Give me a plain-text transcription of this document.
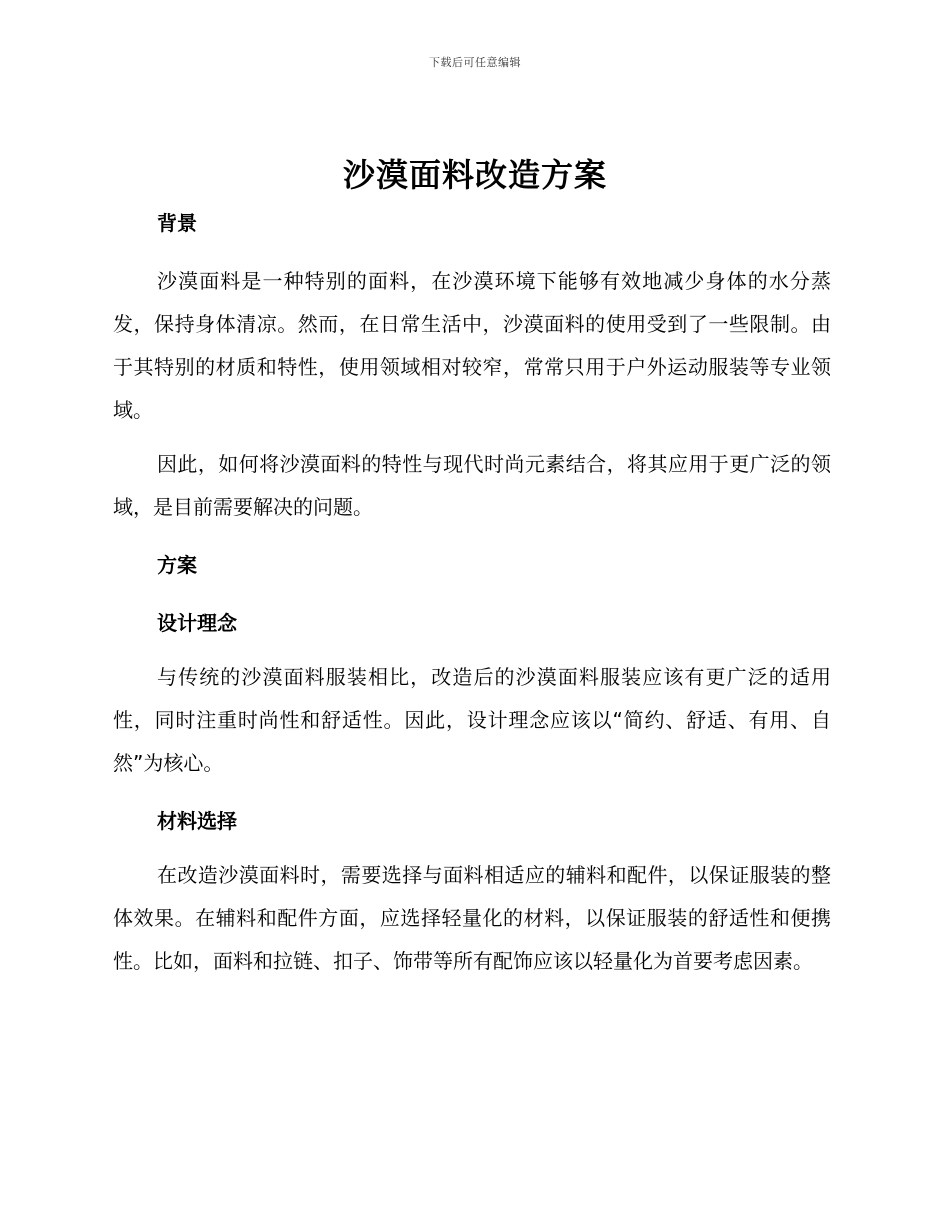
下载后可任意编辑
沙漠面料改造方案

背景

沙漠面料是一种特别的面料，在沙漠环境下能够有效地减少身体的水分蒸发，保持身体清凉。然而，在日常生活中，沙漠面料的使用受到了一些限制。由于其特别的材质和特性，使用领域相对较窄，常常只用于户外运动服装等专业领域。

因此，如何将沙漠面料的特性与现代时尚元素结合，将其应用于更广泛的领域，是目前需要解决的问题。

方案

设计理念

与传统的沙漠面料服装相比，改造后的沙漠面料服装应该有更广泛的适用性，同时注重时尚性和舒适性。因此，设计理念应该以“简约、舒适、有用、自然”为核心。

材料选择

在改造沙漠面料时，需要选择与面料相适应的辅料和配件，以保证服装的整体效果。在辅料和配件方面，应选择轻量化的材料，以保证服装的舒适性和便携性。比如，面料和拉链、扣子、饰带等所有配饰应该以轻量化为首要考虑因素。
